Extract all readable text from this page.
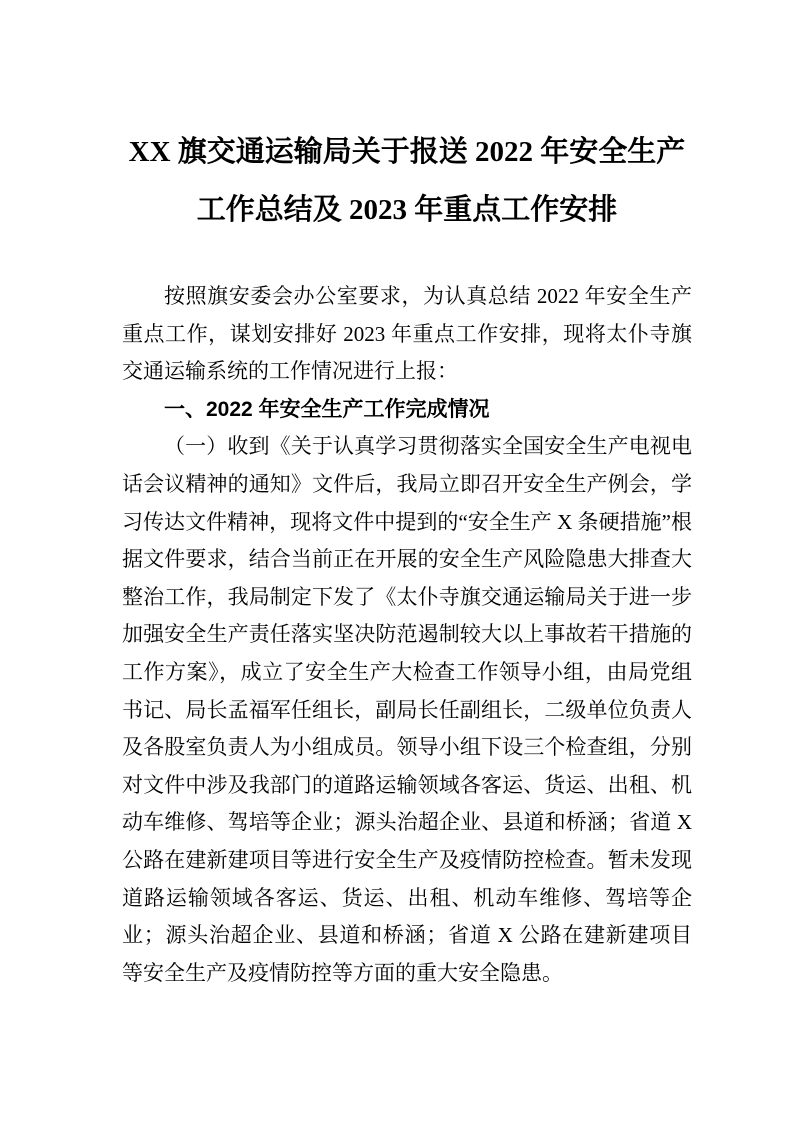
XX 旗交通运输局关于报送 2022 年安全生产工作总结及 2023 年重点工作安排

按照旗安委会办公室要求，为认真总结 2022 年安全生产重点工作，谋划安排好 2023 年重点工作安排，现将太仆寺旗交通运输系统的工作情况进行上报：

一、2022 年安全生产工作完成情况

（一）收到《关于认真学习贯彻落实全国安全生产电视电话会议精神的通知》文件后，我局立即召开安全生产例会，学习传达文件精神，现将文件中提到的“安全生产 X 条硬措施”根据文件要求，结合当前正在开展的安全生产风险隐患大排查大整治工作，我局制定下发了《太仆寺旗交通运输局关于进一步加强安全生产责任落实坚决防范遏制较大以上事故若干措施的工作方案》，成立了安全生产大检查工作领导小组，由局党组书记、局长孟福军任组长，副局长任副组长，二级单位负责人及各股室负责人为小组成员。领导小组下设三个检查组，分别对文件中涉及我部门的道路运输领域各客运、货运、出租、机动车维修、驾培等企业；源头治超企业、县道和桥涵；省道 X 公路在建新建项目等进行安全生产及疫情防控检查。暂未发现道路运输领域各客运、货运、出租、机动车维修、驾培等企业；源头治超企业、县道和桥涵；省道 X 公路在建新建项目等安全生产及疫情防控等方面的重大安全隐患。
